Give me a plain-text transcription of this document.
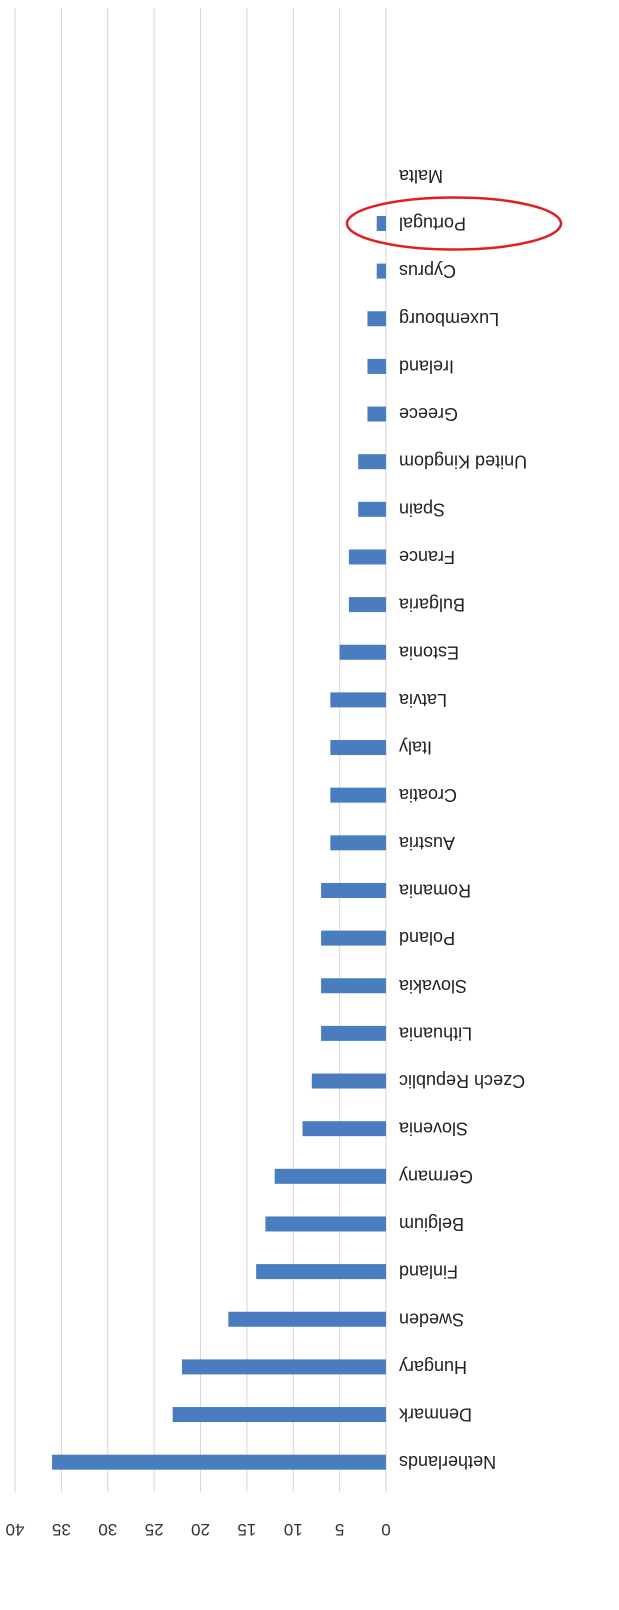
Netherlands
Denmark
Hungary
Sweden
Finland
Belgium
Germany
Slovenia
Czech Republic
Lithuania
Slovakia
Poland
Romania
Austria
Croatia
Italy
Latvia
Estonia
Bulgaria
France
Spain
United Kingdom
Greece
Ireland
Luxembourg
Cyprus
Portugal
Malta
0
5
10
15
20
25
30
35
40
